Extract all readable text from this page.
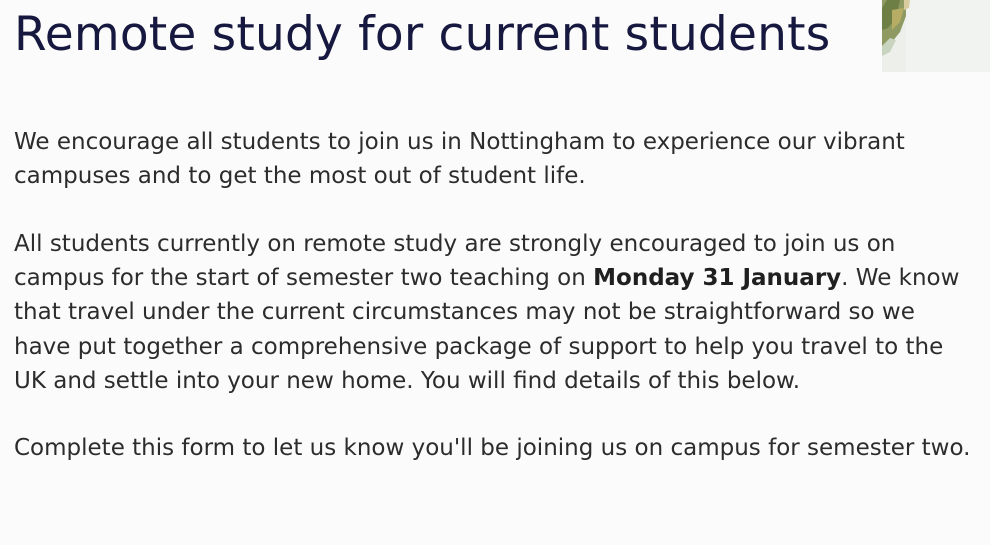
Remote study for current students

We encourage all students to join us in Nottingham to experience our vibrant campuses and to get the most out of student life.

All students currently on remote study are strongly encouraged to join us on campus for the start of semester two teaching on Monday 31 January. We know that travel under the current circumstances may not be straightforward so we have put together a comprehensive package of support to help you travel to the UK and settle into your new home. You will find details of this below.

Complete this form to let us know you'll be joining us on campus for semester two.
